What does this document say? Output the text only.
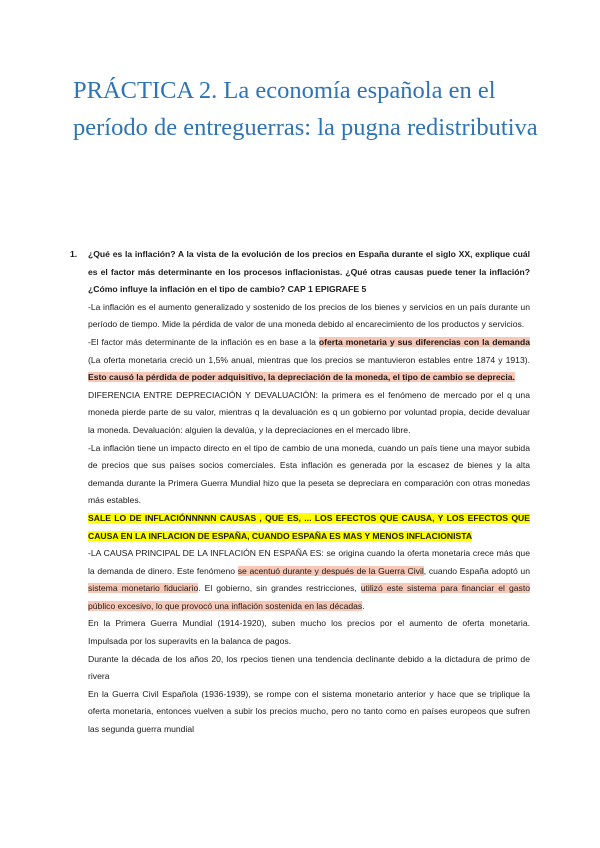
PRÁCTICA 2. La economía española en el período de entreguerras: la pugna redistributiva

1. ¿Qué es la inflación? A la vista de la evolución de los precios en España durante el siglo XX, explique cuál es el factor más determinante en los procesos inflacionistas. ¿Qué otras causas puede tener la inflación? ¿Cómo influye la inflación en el tipo de cambio? CAP 1 EPIGRAFE 5

-La inflación es el aumento generalizado y sostenido de los precios de los bienes y servicios en un país durante un período de tiempo. Mide la pérdida de valor de una moneda debido al encarecimiento de los productos y servicios.

-El factor más determinante de la inflación es en base a la oferta monetaria y sus diferencias con la demanda (La oferta monetaria creció un 1,5% anual, mientras que los precios se mantuvieron estables entre 1874 y 1913). Esto causó la pérdida de poder adquisitivo, la depreciación de la moneda, el tipo de cambio se deprecia.

DIFERENCIA ENTRE DEPRECIACIÓN Y DEVALUACIÓN: la primera es el fenómeno de mercado por el q una moneda pierde parte de su valor, mientras q la devaluación es q un gobierno por voluntad propia, decide devaluar la moneda. Devaluación: alguien la devalúa, y la depreciaciones en el mercado libre.

-La inflación tiene un impacto directo en el tipo de cambio de una moneda, cuando un país tiene una mayor subida de precios que sus países socios comerciales. Esta inflación es generada por la escasez de bienes y la alta demanda durante la Primera Guerra Mundial hizo que la peseta se depreciara en comparación con otras monedas más estables.

SALE LO DE INFLACIÓNNNNN CAUSAS , QUE ES, ... LOS EFECTOS QUE CAUSA, Y LOS EFECTOS QUE CAUSA EN LA INFLACION DE ESPAÑA, CUANDO ESPAÑA ES MAS Y MENOS INFLACIONISTA

-LA CAUSA PRINCIPAL DE LA INFLACIÓN EN ESPAÑA ES: se origina cuando la oferta monetaria crece más que la demanda de dinero. Este fenómeno se acentuó durante y después de la Guerra Civil, cuando España adoptó un sistema monetario fiduciario. El gobierno, sin grandes restricciones, utilizó este sistema para financiar el gasto público excesivo, lo que provocó una inflación sostenida en las décadas.

En la Primera Guerra Mundial (1914-1920), suben mucho los precios por el aumento de oferta monetaria. Impulsada por los superavits en la balanca de pagos.

Durante la década de los años 20, los rpecios tienen una tendencia declinante debido a la dictadura de primo de rivera

En la Guerra Civil Española (1936-1939), se rompe con el sistema monetario anterior y hace que se triplique la oferta monetaria, entonces vuelven a subir los precios mucho, pero no tanto como en países europeos que sufren las segunda guerra mundial
